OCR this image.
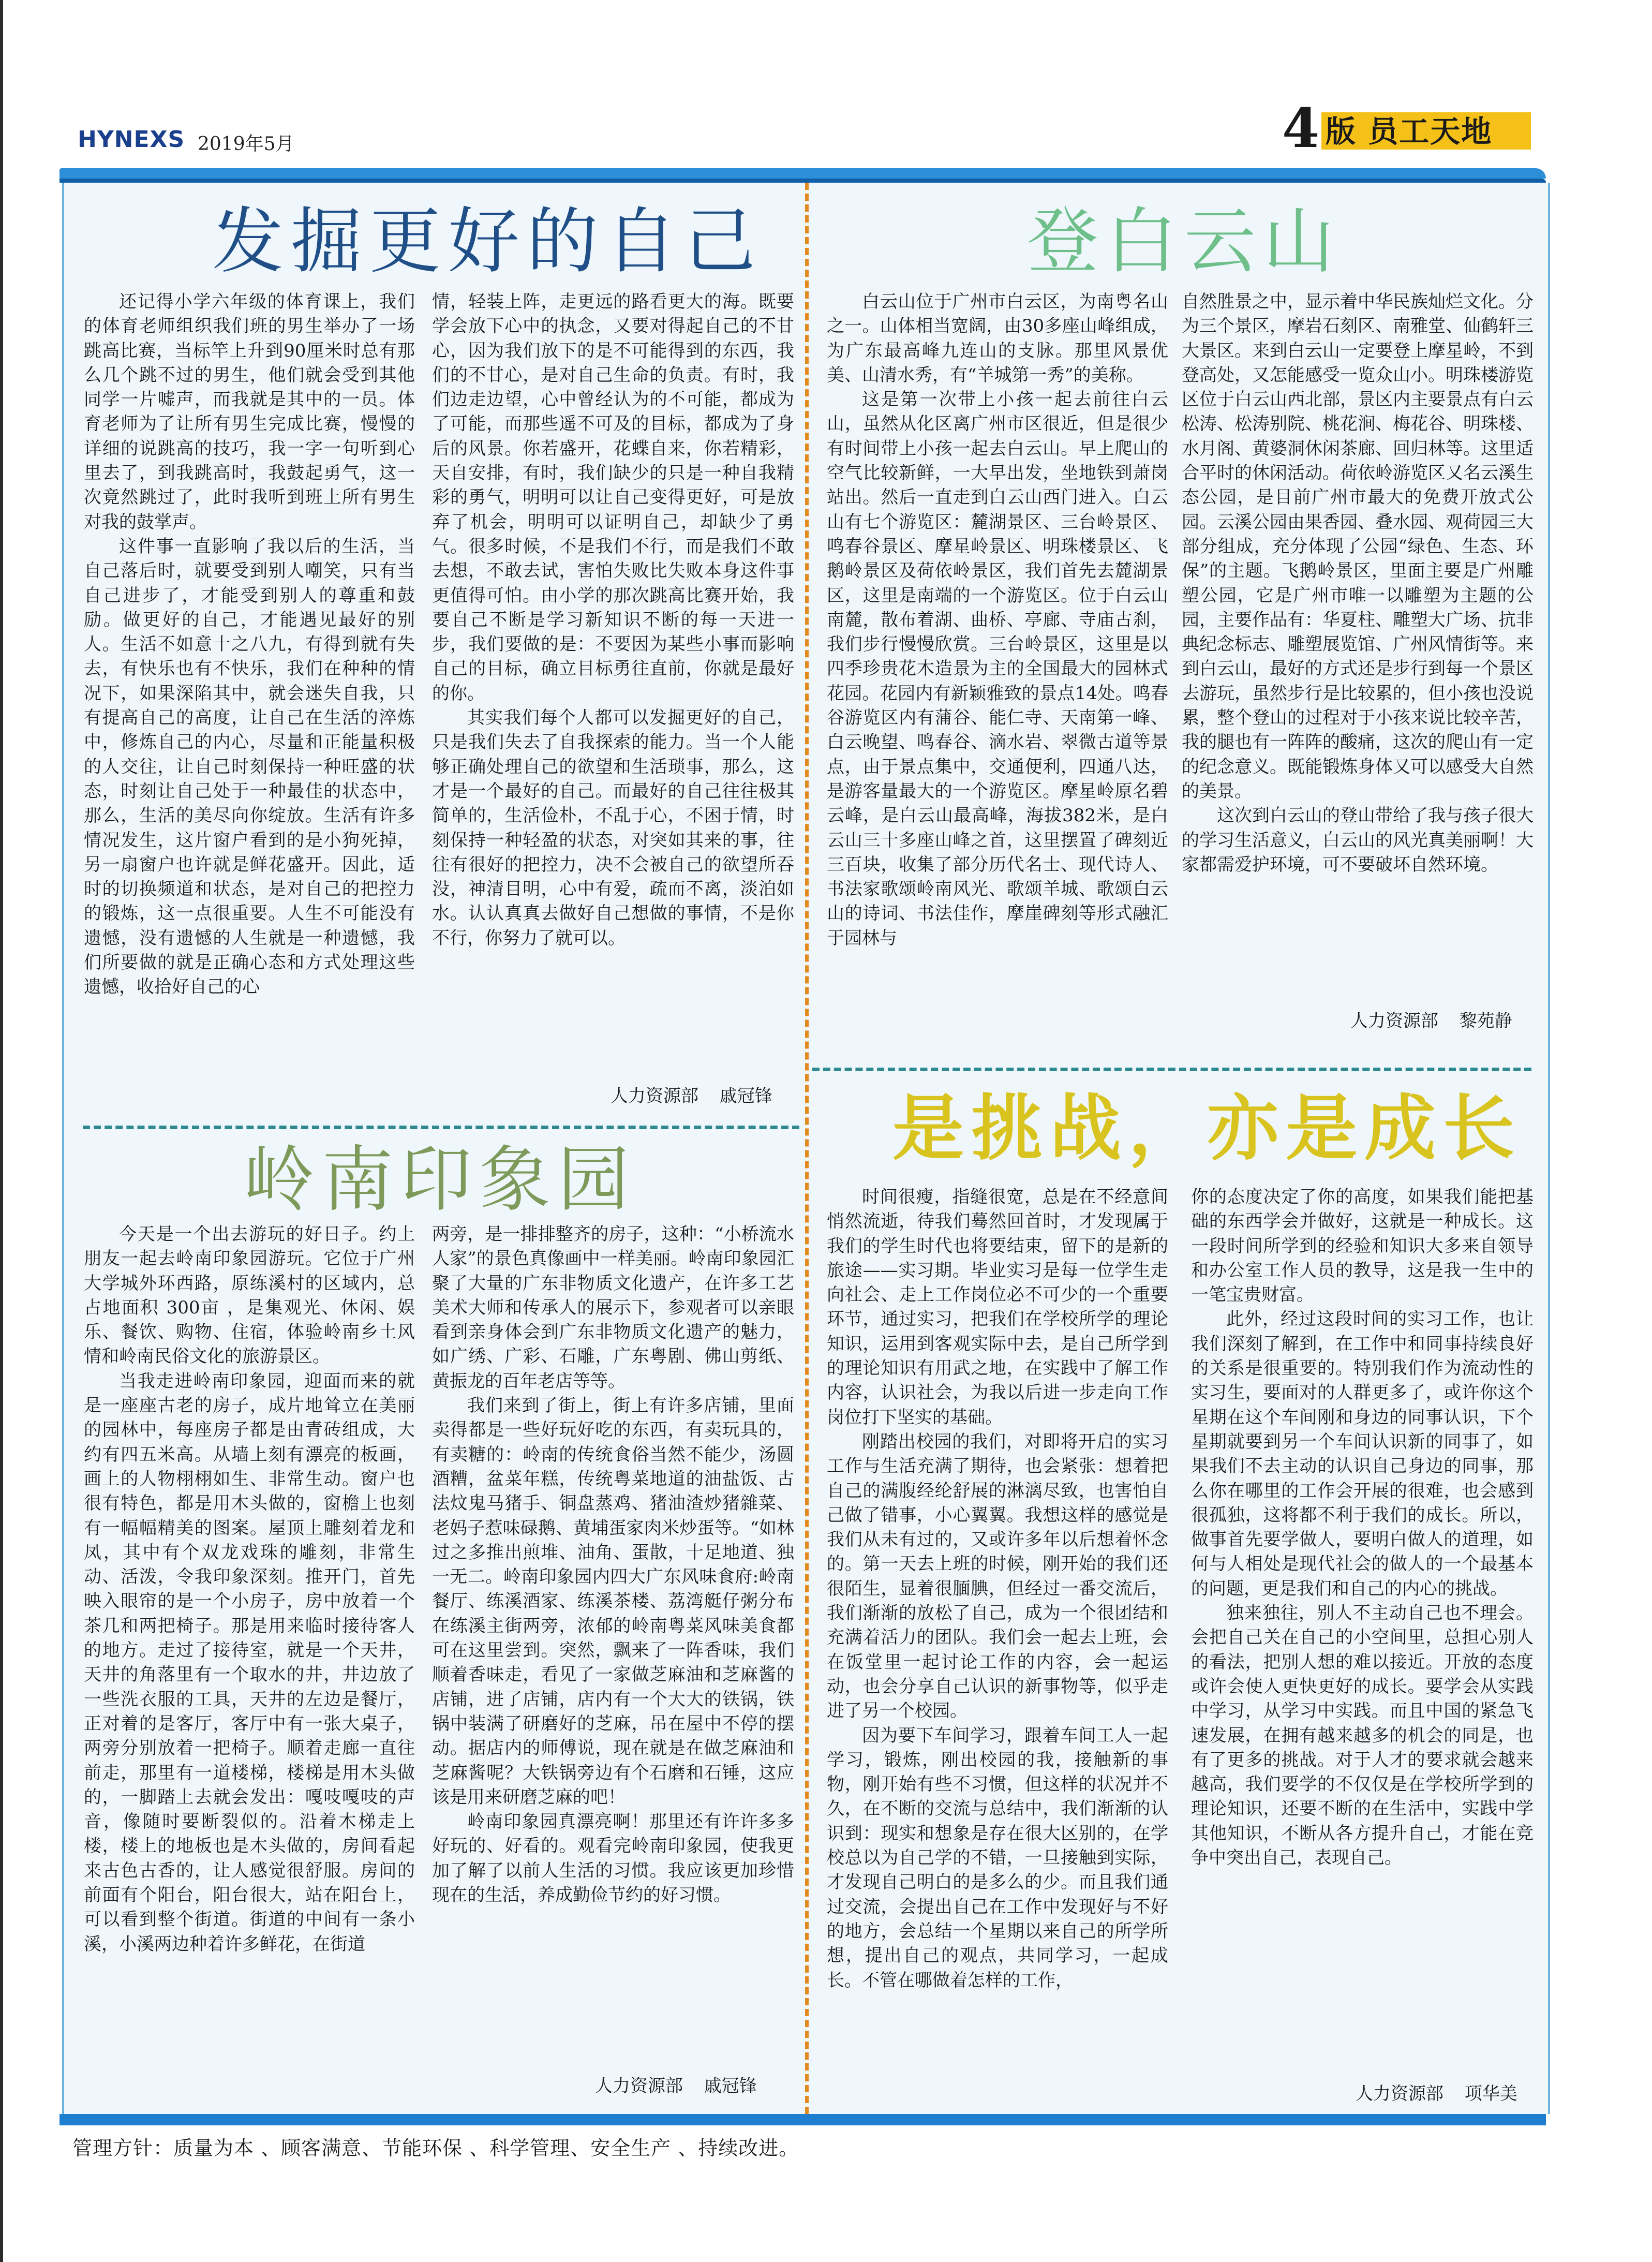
HYNEXS 2019年5月	4 版 员工天地
发掘更好的自己

还记得小学六年级的体育课上，我们的体育老师组织我们班的男生举办了一场跳高比赛，当标竿上升到90厘米时总有那么几个跳不过的男生，他们就会受到其他同学一片嘘声，而我就是其中的一员。体育老师为了让所有男生完成比赛，慢慢的详细的说跳高的技巧，我一字一句听到心里去了，到我跳高时，我鼓起勇气，这一次竟然跳过了，此时我听到班上所有男生对我的鼓掌声。

这件事一直影响了我以后的生活，当自己落后时，就要受到别人嘲笑，只有当自己进步了，才能受到别人的尊重和鼓励。做更好的自己，才能遇见最好的别人。生活不如意十之八九，有得到就有失去，有快乐也有不快乐，我们在种种的情况下，如果深陷其中，就会迷失自我，只有提高自己的高度，让自己在生活的淬炼中，修炼自己的内心，尽量和正能量积极的人交往，让自己时刻保持一种旺盛的状态，时刻让自己处于一种最佳的状态中，那么，生活的美尽向你绽放。生活有许多情况发生，这片窗户看到的是小狗死掉，另一扇窗户也许就是鲜花盛开。因此，适时的切换频道和状态，是对自己的把控力的锻炼，这一点很重要。人生不可能没有遗憾，没有遗憾的人生就是一种遗憾，我们所要做的就是正确心态和方式处理这些遗憾，收拾好自己的心

情，轻装上阵，走更远的路看更大的海。既要学会放下心中的执念，又要对得起自己的不甘心，因为我们放下的是不可能得到的东西，我们的不甘心，是对自己生命的负责。有时，我们边走边望，心中曾经认为的不可能，都成为了可能，而那些遥不可及的目标，都成为了身后的风景。你若盛开，花蝶自来，你若精彩，天自安排，有时，我们缺少的只是一种自我精彩的勇气，明明可以让自己变得更好，可是放弃了机会，明明可以证明自己，却缺少了勇气。很多时候，不是我们不行，而是我们不敢去想，不敢去试，害怕失败比失败本身这件事更值得可怕。由小学的那次跳高比赛开始，我要自己不断是学习新知识不断的每一天进一步，我们要做的是：不要因为某些小事而影响自己的目标，确立目标勇往直前，你就是最好的你。

其实我们每个人都可以发掘更好的自己，只是我们失去了自我探索的能力。当一个人能够正确处理自己的欲望和生活琐事，那么，这才是一个最好的自己。而最好的自己往往极其简单的，生活俭朴，不乱于心，不困于情，时刻保持一种轻盈的状态，对突如其来的事，往往有很好的把控力，决不会被自己的欲望所吞没，神清目明，心中有爱，疏而不离，淡泊如水。认认真真去做好自己想做的事情，不是你不行，你努力了就可以。

人力资源部 戚冠锋
登白云山

白云山位于广州市白云区，为南粤名山之一。山体相当宽阔，由30多座山峰组成，为广东最高峰九连山的支脉。那里风景优美、山清水秀，有“羊城第一秀”的美称。

这是第一次带上小孩一起去前往白云山，虽然从化区离广州市区很近，但是很少有时间带上小孩一起去白云山。早上爬山的空气比较新鲜，一大早出发，坐地铁到萧岗站出。然后一直走到白云山西门进入。白云山有七个游览区：麓湖景区、三台岭景区、鸣春谷景区、摩星岭景区、明珠楼景区、飞鹅岭景区及荷依岭景区，我们首先去麓湖景区，这里是南端的一个游览区。位于白云山南麓，散布着湖、曲桥、亭廊、寺庙古刹，我们步行慢慢欣赏。三台岭景区，这里是以四季珍贵花木造景为主的全国最大的园林式花园。花园内有新颖雅致的景点14处。鸣春谷游览区内有蒲谷、能仁寺、天南第一峰、白云晚望、鸣春谷、滴水岩、翠微古道等景点，由于景点集中，交通便利，四通八达，是游客量最大的一个游览区。摩星岭原名碧云峰，是白云山最高峰，海拔382米，是白云山三十多座山峰之首，这里摆置了碑刻近三百块，收集了部分历代名士、现代诗人、书法家歌颂岭南风光、歌颂羊城、歌颂白云山的诗词、书法佳作，摩崖碑刻等形式融汇于园林与

自然胜景之中，显示着中华民族灿烂文化。分为三个景区，摩岩石刻区、南雅堂、仙鹤轩三大景区。来到白云山一定要登上摩星岭，不到登高处，又怎能感受一览众山小。明珠楼游览区位于白云山西北部，景区内主要景点有白云松涛、松涛别院、桃花涧、梅花谷、明珠楼、水月阁、黄婆洞休闲茶廊、回归林等。这里适合平时的休闲活动。荷依岭游览区又名云溪生态公园，是目前广州市最大的免费开放式公园。云溪公园由果香园、叠水园、观荷园三大部分组成，充分体现了公园“绿色、生态、环保”的主题。飞鹅岭景区，里面主要是广州雕塑公园，它是广州市唯一以雕塑为主题的公园，主要作品有：华夏柱、雕塑大广场、抗非典纪念标志、雕塑展览馆、广州风情街等。来到白云山，最好的方式还是步行到每一个景区去游玩，虽然步行是比较累的，但小孩也没说累，整个登山的过程对于小孩来说比较辛苦，我的腿也有一阵阵的酸痛，这次的爬山有一定的纪念意义。既能锻炼身体又可以感受大自然的美景。

这次到白云山的登山带给了我与孩子很大的学习生活意义，白云山的风光真美丽啊！大家都需爱护环境，可不要破坏自然环境。

人力资源部 黎苑静
岭南印象园

今天是一个出去游玩的好日子。约上朋友一起去岭南印象园游玩。它位于广州大学城外环西路，原练溪村的区域内，总占地面积 300亩 ，是集观光、休闲、娱乐、餐饮、购物、住宿，体验岭南乡土风情和岭南民俗文化的旅游景区。

当我走进岭南印象园，迎面而来的就是一座座古老的房子，成片地耸立在美丽的园林中，每座房子都是由青砖组成，大约有四五米高。从墙上刻有漂亮的板画，画上的人物栩栩如生、非常生动。窗户也很有特色，都是用木头做的，窗檐上也刻有一幅幅精美的图案。屋顶上雕刻着龙和凤，其中有个双龙戏珠的雕刻，非常生动、活泼，令我印象深刻。推开门，首先映入眼帘的是一个小房子，房中放着一个茶几和两把椅子。那是用来临时接待客人的地方。走过了接待室，就是一个天井，天井的角落里有一个取水的井，井边放了一些洗衣服的工具，天井的左边是餐厅，正对着的是客厅，客厅中有一张大桌子，两旁分别放着一把椅子。顺着走廊一直往前走，那里有一道楼梯，楼梯是用木头做的，一脚踏上去就会发出：嘎吱嘎吱的声音，像随时要断裂似的。沿着木梯走上楼，楼上的地板也是木头做的，房间看起来古色古香的，让人感觉很舒服。房间的前面有个阳台，阳台很大，站在阳台上，可以看到整个街道。街道的中间有一条小溪，小溪两边种着许多鲜花，在街道

两旁，是一排排整齐的房子，这种：“小桥流水人家”的景色真像画中一样美丽。岭南印象园汇聚了大量的广东非物质文化遗产，在许多工艺美术大师和传承人的展示下，参观者可以亲眼看到亲身体会到广东非物质文化遗产的魅力，如广绣、广彩、石雕，广东粤剧、佛山剪纸、黄振龙的百年老店等等。

我们来到了街上，街上有许多店铺，里面卖得都是一些好玩好吃的东西，有卖玩具的，有卖糖的：岭南的传统食俗当然不能少，汤圆酒糟，盆菜年糕，传统粤菜地道的油盐饭、古法炆鬼马猪手、铜盘蒸鸡、猪油渣炒猪雜菜、老妈子惹味碌鹅、黄埔蛋家肉米炒蛋等。“如林过之多推出煎堆、油角、蛋散，十足地道、独一无二。岭南印象园内四大广东风味食府:岭南餐厅、练溪酒家、练溪茶楼、荔湾艇仔粥分布在练溪主街两旁，浓郁的岭南粤菜风味美食都可在这里尝到。突然，飘来了一阵香味，我们顺着香味走，看见了一家做芝麻油和芝麻酱的店铺，进了店铺，店内有一个大大的铁锅，铁锅中装满了研磨好的芝麻，吊在屋中不停的摆动。据店内的师傅说，现在就是在做芝麻油和芝麻酱呢？大铁锅旁边有个石磨和石锤，这应该是用来研磨芝麻的吧！

岭南印象园真漂亮啊！那里还有许许多多好玩的、好看的。观看完岭南印象园，使我更加了解了以前人生活的习惯。我应该更加珍惜现在的生活，养成勤俭节约的好习惯。

人力资源部 戚冠锋
是挑战，亦是成长

时间很瘦，指缝很宽，总是在不经意间悄然流逝，待我们蓦然回首时，才发现属于我们的学生时代也将要结束，留下的是新的旅途——实习期。毕业实习是每一位学生走向社会、走上工作岗位必不可少的一个重要环节，通过实习，把我们在学校所学的理论知识，运用到客观实际中去，是自己所学到的理论知识有用武之地，在实践中了解工作内容，认识社会，为我以后进一步走向工作岗位打下坚实的基础。

刚踏出校园的我们，对即将开启的实习工作与生活充满了期待，也会紧张：想着把自己的满腹经纶舒展的淋漓尽致，也害怕自己做了错事，小心翼翼。我想这样的感觉是我们从未有过的，又或许多年以后想着怀念的。第一天去上班的时候，刚开始的我们还很陌生，显着很腼腆，但经过一番交流后，我们渐渐的放松了自己，成为一个很团结和充满着活力的团队。我们会一起去上班，会在饭堂里一起讨论工作的内容，会一起运动，也会分享自己认识的新事物等，似乎走进了另一个校园。

因为要下车间学习，跟着车间工人一起学习，锻炼，刚出校园的我，接触新的事物，刚开始有些不习惯，但这样的状况并不久，在不断的交流与总结中，我们渐渐的认识到：现实和想象是存在很大区别的，在学校总以为自己学的不错，一旦接触到实际，才发现自己明白的是多么的少。而且我们通过交流，会提出自己在工作中发现好与不好的地方，会总结一个星期以来自己的所学所想，提出自己的观点，共同学习，一起成长。不管在哪做着怎样的工作，

你的态度决定了你的高度，如果我们能把基础的东西学会并做好，这就是一种成长。这一段时间所学到的经验和知识大多来自领导和办公室工作人员的教导，这是我一生中的一笔宝贵财富。

此外，经过这段时间的实习工作，也让我们深刻了解到，在工作中和同事持续良好的关系是很重要的。特别我们作为流动性的实习生，要面对的人群更多了，或许你这个星期在这个车间刚和身边的同事认识，下个星期就要到另一个车间认识新的同事了，如果我们不去主动的认识自己身边的同事，那么你在哪里的工作会开展的很难，也会感到很孤独，这将都不利于我们的成长。所以，做事首先要学做人，要明白做人的道理，如何与人相处是现代社会的做人的一个最基本的问题，更是我们和自己的内心的挑战。

独来独往，别人不主动自己也不理会。会把自己关在自己的小空间里，总担心别人的看法，把别人想的难以接近。开放的态度或许会使人更快更好的成长。要学会从实践中学习，从学习中实践。而且中国的紧急飞速发展，在拥有越来越多的机会的同是，也有了更多的挑战。对于人才的要求就会越来越高，我们要学的不仅仅是在学校所学到的理论知识，还要不断的在生活中，实践中学其他知识，不断从各方提升自己，才能在竞争中突出自己，表现自己。

人力资源部 项华美
管理方针：质量为本 、顾客满意、节能环保 、科学管理、安全生产 、持续改进。
